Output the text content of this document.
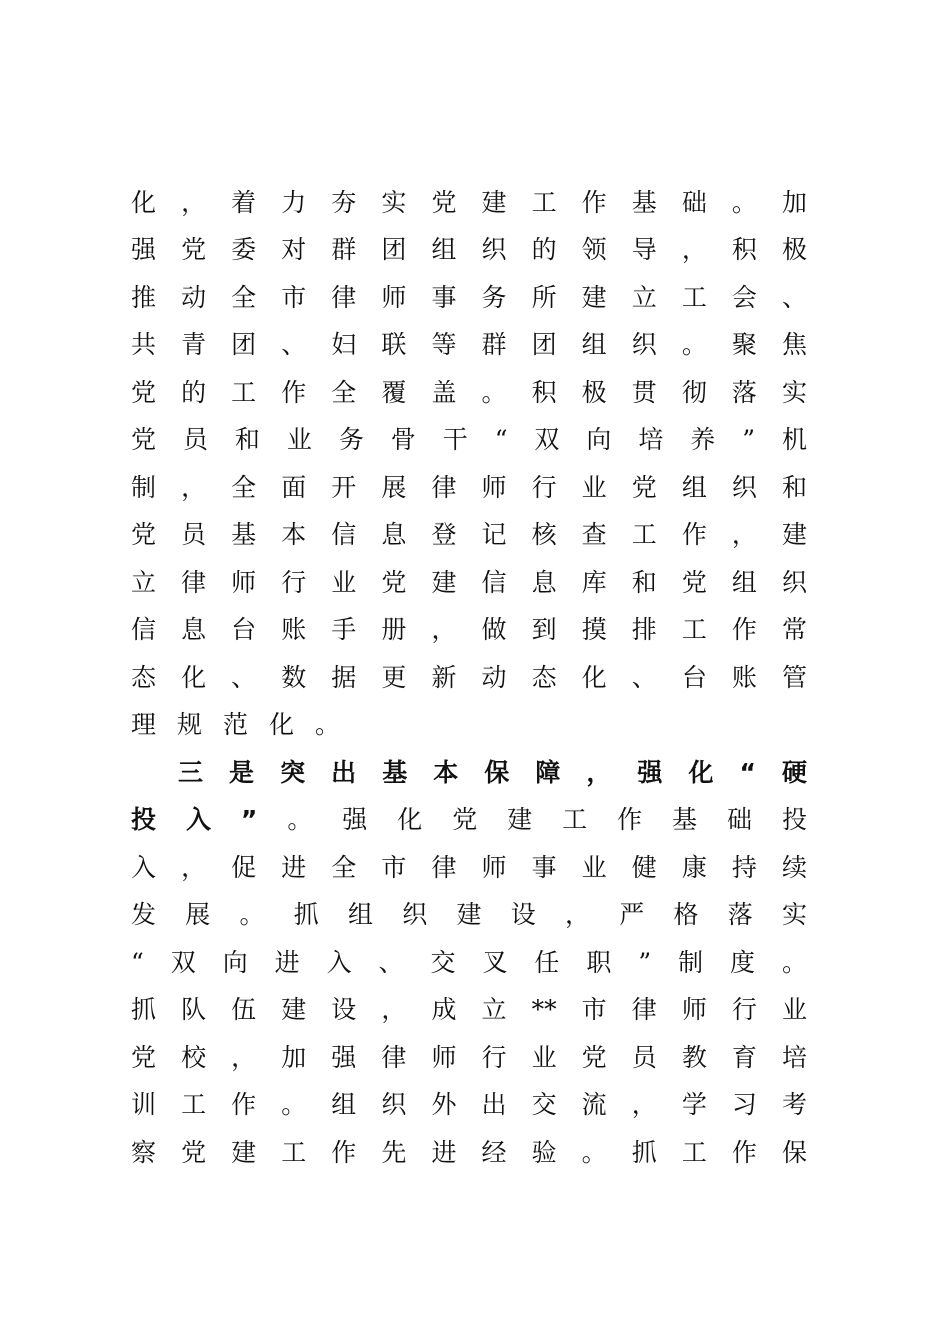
化，着力夯实党建工作基础。加
强党委对群团组织的领导，积极
推动全市律师事务所建立工会、
共青团、妇联等群团组织。聚焦
党的工作全覆盖。积极贯彻落实
党员和业务骨干“双向培养”机
制，全面开展律师行业党组织和
党员基本信息登记核查工作，建
立律师行业党建信息库和党组织
信息台账手册，做到摸排工作常
态化、数据更新动态化、台账管
理规范化。
三是突出基本保障，强化“硬
投入”。强化党建工作基础投
入，促进全市律师事业健康持续
发展。抓组织建设，严格落实
“双向进入、交叉任职”制度。
抓队伍建设，成立**市律师行业
党校，加强律师行业党员教育培
训工作。组织外出交流，学习考
察党建工作先进经验。抓工作保
